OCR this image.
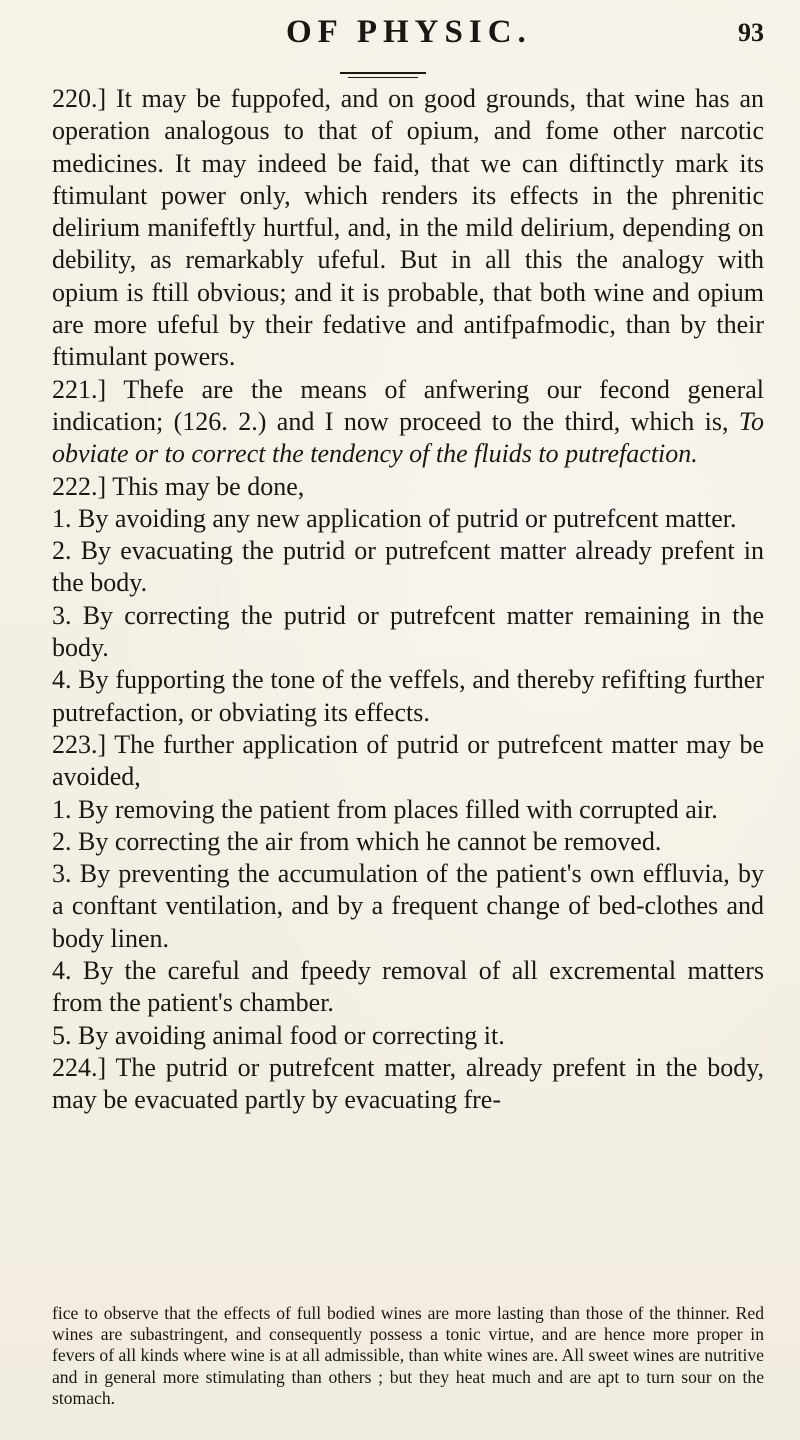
OF PHYSIC.	93

220.] It may be fuppofed, and on good grounds, that wine has an operation analogous to that of opium, and fome other narcotic medicines. It may indeed be faid, that we can diftinctly mark its ftimulant power only, which renders its effects in the phrenitic delirium manifeftly hurtful, and, in the mild delirium, depending on debility, as remarkably ufeful. But in all this the analogy with opium is ftill obvious; and it is probable, that both wine and opium are more ufeful by their fedative and antifpafmodic, than by their ftimulant powers.

221.] Thefe are the means of anfwering our fecond general indication; (126. 2.) and I now proceed to the third, which is, To obviate or to correct the tendency of the fluids to putrefaction.

222.] This may be done,

1. By avoiding any new application of putrid or putrefcent matter.

2. By evacuating the putrid or putrefcent matter already prefent in the body.

3. By correcting the putrid or putrefcent matter remaining in the body.

4. By fupporting the tone of the veffels, and thereby refifting further putrefaction, or obviating its effects.

223.] The further application of putrid or putrefcent matter may be avoided,

1. By removing the patient from places filled with corrupted air.

2. By correcting the air from which he cannot be removed.

3. By preventing the accumulation of the patient's own effluvia, by a conftant ventilation, and by a frequent change of bed-clothes and body linen.

4. By the careful and fpeedy removal of all excremental matters from the patient's chamber.

5. By avoiding animal food or correcting it.

224.] The putrid or putrefcent matter, already prefent in the body, may be evacuated partly by evacuating fre-

fice to observe that the effects of full bodied wines are more lasting than those of the thinner. Red wines are subastringent, and consequently possess a tonic virtue, and are hence more proper in fevers of all kinds where wine is at all admissible, than white wines are. All sweet wines are nutritive and in general more stimulating than others ; but they heat much and are apt to turn sour on the stomach.
